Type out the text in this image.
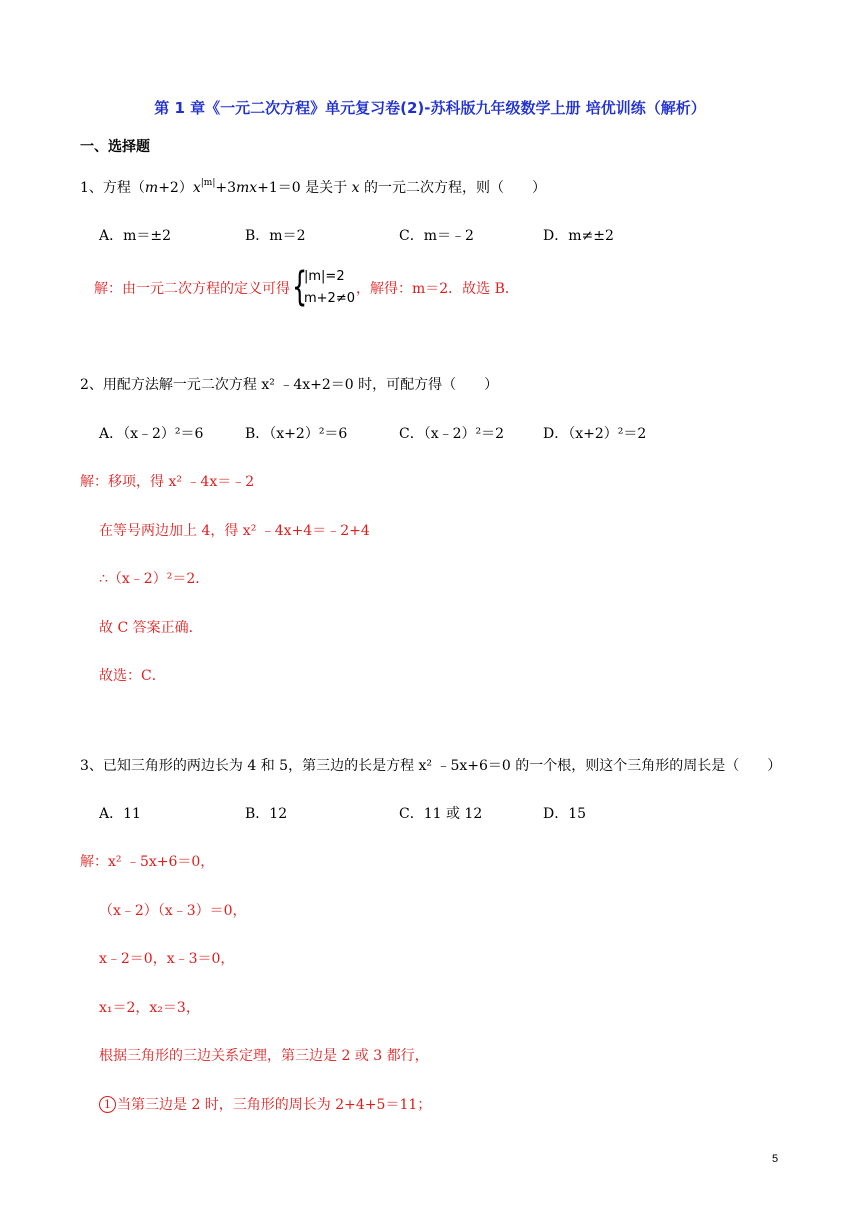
第 1 章《一元二次方程》单元复习卷(2)-苏科版九年级数学上册 培优训练（解析）
一、选择题
1、方程$(m+2)x^{|m|}+3mx+1=0$ 是关于 x 的一元二次方程，则（　　）
A．m＝±2	B．m＝2	C．m＝﹣2	D．m≠±2
解：由一元二次方程的定义可得 {
|m|=2
m+2≠0
，解得：m＝2．故选 B．
2、用配方法解一元二次方程 x² ﹣4x+2＝0 时，可配方得（　　）
A．（x﹣2）²＝6	B．（x+2）²＝6	C．（x﹣2）²＝2	D．（x+2）²＝2
解：移项，得 x² ﹣4x＝﹣2
在等号两边加上 4，得 x² ﹣4x+4＝﹣2+4
∴（x﹣2）²＝2．
故 C 答案正确．
故选：C．
3、已知三角形的两边长为 4 和 5，第三边的长是方程 x² ﹣5x+6＝0 的一个根，则这个三角形的周长是（　　）
A．11	B．12	C．11 或 12	D．15
解：x² ﹣5x+6＝0，
（x﹣2）（x﹣3）＝0，
x﹣2＝0，x﹣3＝0，
x₁＝2，x₂＝3，
根据三角形的三边关系定理，第三边是 2 或 3 都行，
1 当第三边是 2 时，三角形的周长为 2+4+5＝11；
5
